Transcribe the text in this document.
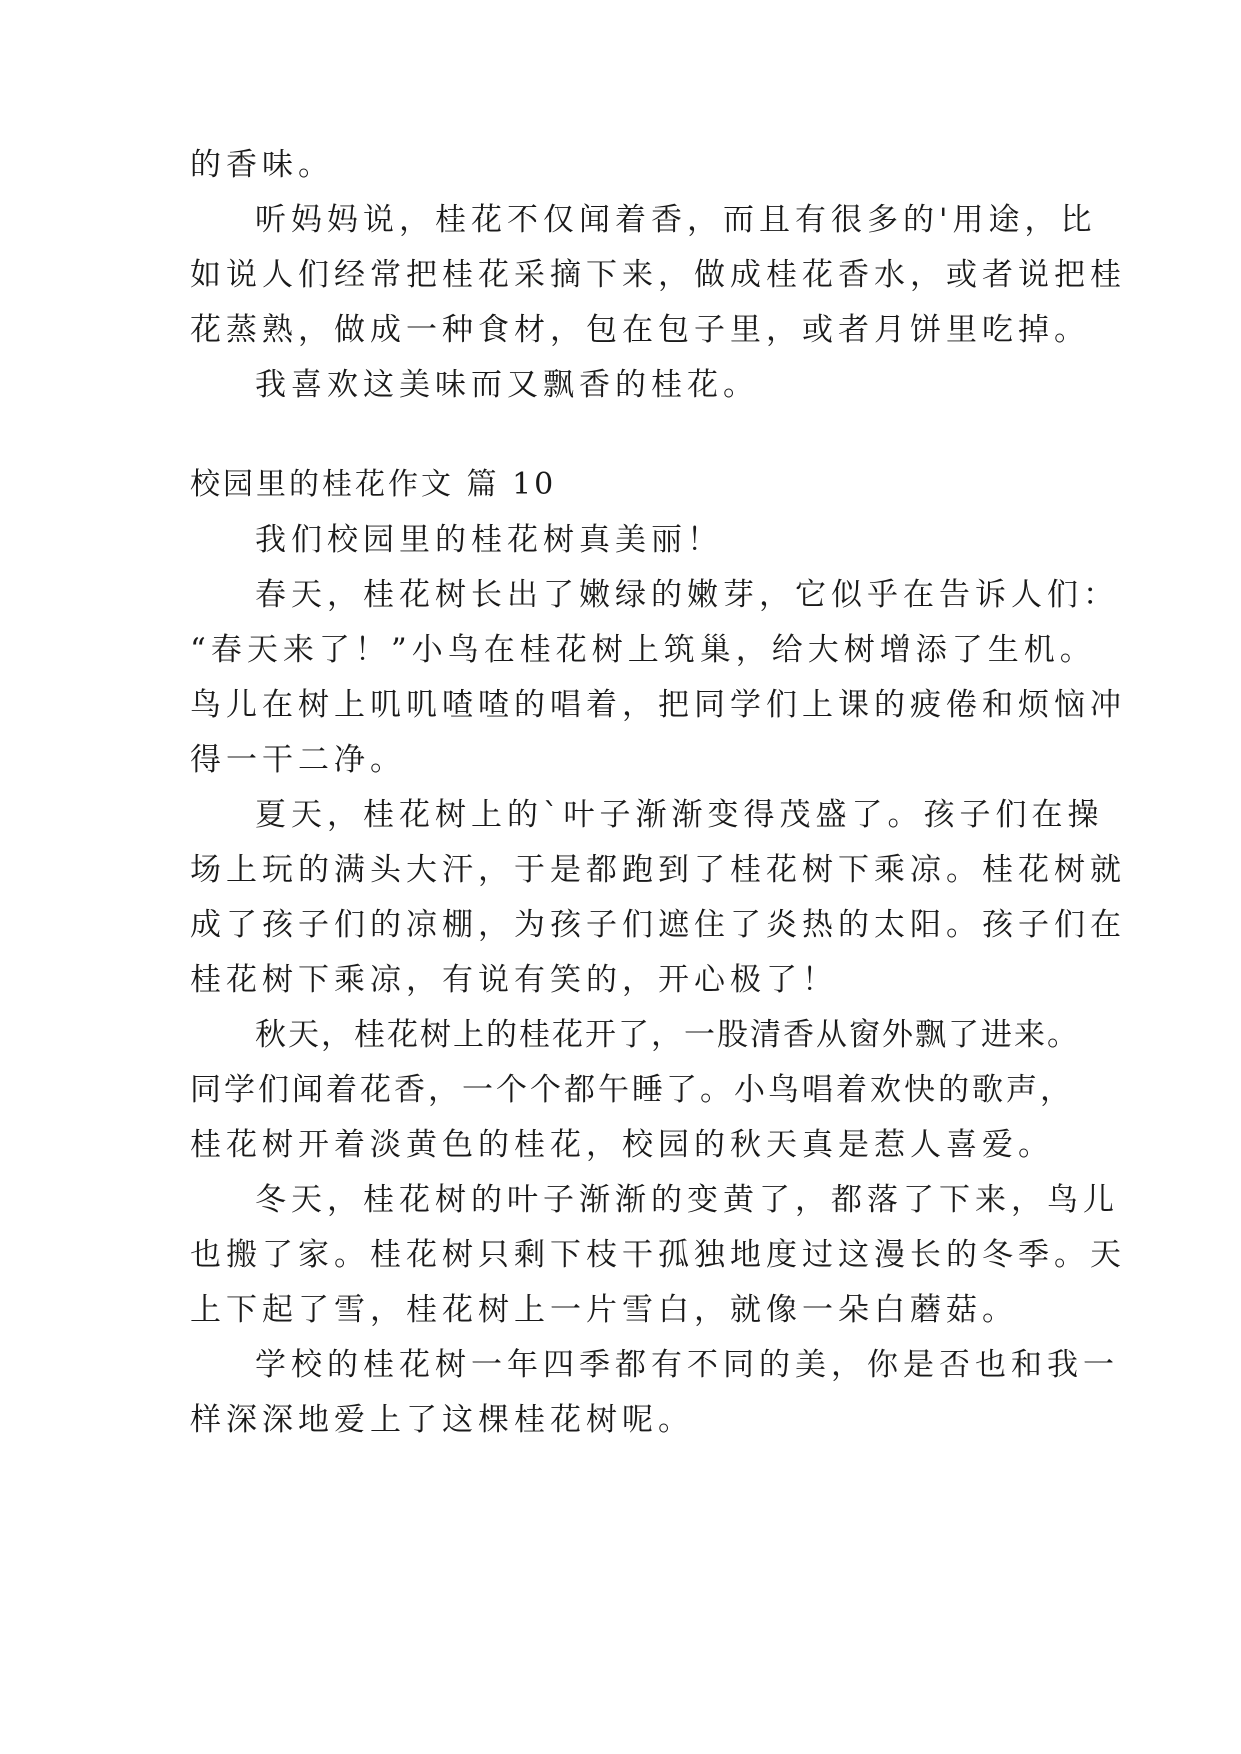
的香味。
听妈妈说，桂花不仅闻着香，而且有很多的'用途，比
如说人们经常把桂花采摘下来，做成桂花香水，或者说把桂
花蒸熟，做成一种食材，包在包子里，或者月饼里吃掉。
我喜欢这美味而又飘香的桂花。
校园里的桂花作文 篇 10
我们校园里的桂花树真美丽！
春天，桂花树长出了嫩绿的嫩芽，它似乎在告诉人们：
“春天来了！”小鸟在桂花树上筑巢，给大树增添了生机。
鸟儿在树上叽叽喳喳的唱着，把同学们上课的疲倦和烦恼冲
得一干二净。
夏天，桂花树上的`叶子渐渐变得茂盛了。孩子们在操
场上玩的满头大汗，于是都跑到了桂花树下乘凉。桂花树就
成了孩子们的凉棚，为孩子们遮住了炎热的太阳。孩子们在
桂花树下乘凉，有说有笑的，开心极了！
秋天，桂花树上的桂花开了，一股清香从窗外飘了进来。
同学们闻着花香，一个个都午睡了。小鸟唱着欢快的歌声，
桂花树开着淡黄色的桂花，校园的秋天真是惹人喜爱。
冬天，桂花树的叶子渐渐的变黄了，都落了下来，鸟儿
也搬了家。桂花树只剩下枝干孤独地度过这漫长的冬季。天
上下起了雪，桂花树上一片雪白，就像一朵白蘑菇。
学校的桂花树一年四季都有不同的美，你是否也和我一
样深深地爱上了这棵桂花树呢。
